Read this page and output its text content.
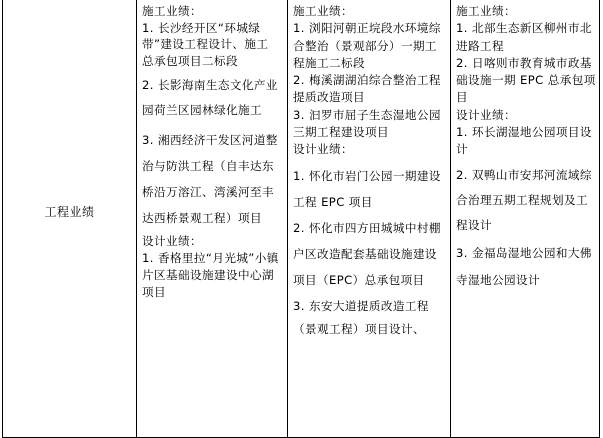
工程业绩

施工业绩：

1. 长沙经开区“环城绿带”建设工程设计、施工总承包项目二标段

2. 长影海南生态文化产业园荷兰区园林绿化施工

3. 湘西经济干发区河道整治与防洪工程（自丰达东桥沿万溶江、湾溪河至丰达西桥景观工程）项目

设计业绩：

1. 香格里拉“月光城”小镇片区基础设施建设中心湖项目

施工业绩：

1. 浏阳河朝正垸段水环境综合整治（景观部分）一期工程施工二标段

2. 梅溪湖湖泊综合整治工程提质改造项目

3. 汩罗市屈子生态湿地公园三期工程建设项目

设计业绩：

1. 怀化市岩门公园一期建设工程 EPC 项目

2. 怀化市四方田城城中村棚户区改造配套基础设施建设项目（EPC）总承包项目

3. 东安大道提质改造工程（景观工程）项目设计、

施工业绩：

1. 北部生态新区柳州市北进路工程

2. 日喀则市教育城市政基础设施一期 EPC 总承包项目

设计业绩：

1. 环长湖湿地公园项目设计

2. 双鸭山市安邦河流域综合治理五期工程规划及工程设计

3. 金福岛湿地公园和大佛寺湿地公园设计
